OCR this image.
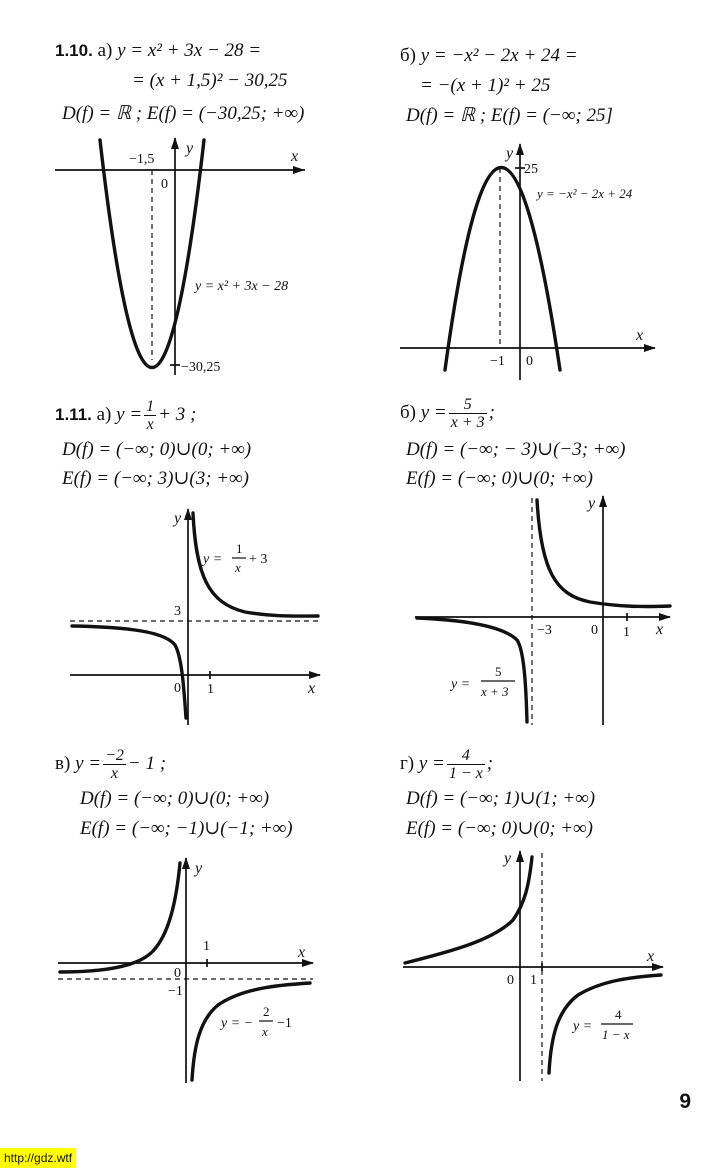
1.10. а) y = x² + 3x − 28 =
= (x + 1,5)² − 30,25
D(f) = ℝ ; E(f) = (−30,25; +∞)
б) y = −x² − 2x + 24 =
= −(x + 1)² + 25
D(f) = ℝ ; E(f) = (−∞; 25]
y	x
−1,5
0
−30,25
y = x² + 3x − 28
y
x
25
y = −x² − 2x + 24
−1 0
1.11. а) $y = \frac{1}{x} + 3$ ;
D(f) = (−∞; 0)∪(0; +∞)
E(f) = (−∞; 3)∪(3; +∞)
б) $y = \frac{5}{x + 3}$ ;
D(f) = (−∞; − 3)∪(−3; +∞)
E(f) = (−∞; 0)∪(0; +∞)
y
x
3
0 1
y =
1
x
+ 3
y
x
−3	0 1
y =
5
x + 3
в) $y = \frac{-2}{x} - 1$ ;
D(f) = (−∞; 0)∪(0; +∞)
E(f) = (−∞; −1)∪(−1; +∞)
г) $y = \frac{4}{1 - x}$ ;
D(f) = (−∞; 1)∪(1; +∞)
E(f) = (−∞; 0)∪(0; +∞)
y
x
0
−1
1
y = −
2
x
−1
y
x
0 1
y =
4
1 − x
9
http://gdz.wtf
